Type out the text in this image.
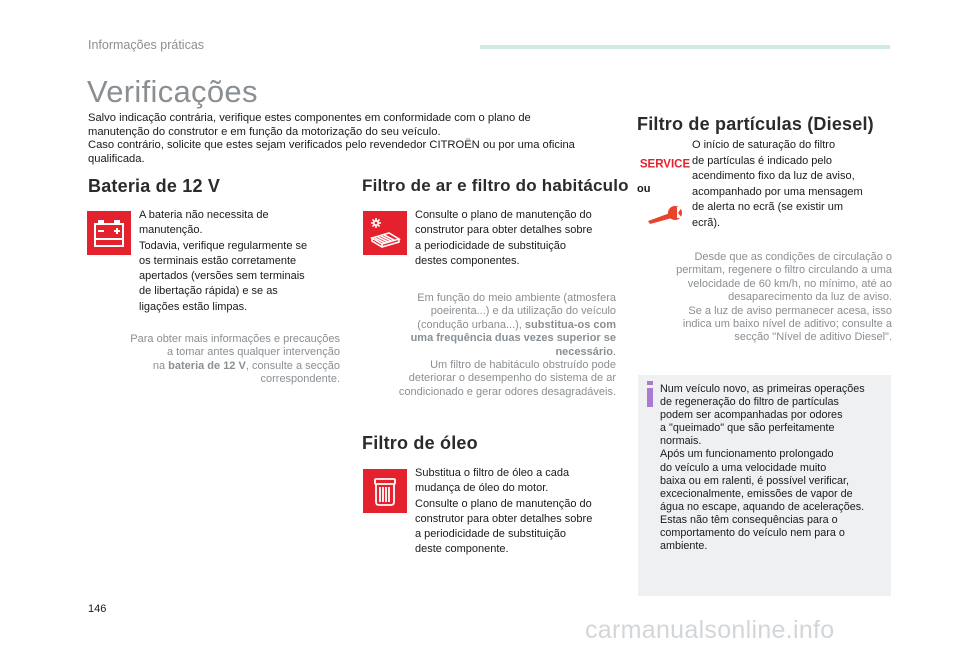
Informações práticas
Verificações
Salvo indicação contrária, verifique estes componentes em conformidade com o plano de
manutenção do construtor e em função da motorização do seu veículo.
Caso contrário, solicite que estes sejam verificados pelo revendedor CITROËN ou por uma oficina
qualificada.
Bateria de 12 V
A bateria não necessita de
manutenção.
Todavia, verifique regularmente se
os terminais estão corretamente
apertados (versões sem terminais
de libertação rápida) e se as
ligações estão limpas.
Para obter mais informações e precauções
a tomar antes qualquer intervenção
na bateria de 12 V, consulte a secção
correspondente.
Filtro de ar e filtro do habitáculo
Consulte o plano de manutenção do
construtor para obter detalhes sobre
a periodicidade de substituição
destes componentes.
Em função do meio ambiente (atmosfera
poeirenta...) e da utilização do veículo
(condução urbana...), substitua-os com
uma frequência duas vezes superior se
necessário.
Um filtro de habitáculo obstruído pode
deteriorar o desempenho do sistema de ar
condicionado e gerar odores desagradáveis.
Filtro de óleo
Substitua o filtro de óleo a cada
mudança de óleo do motor.
Consulte o plano de manutenção do
construtor para obter detalhes sobre
a periodicidade de substituição
deste componente.
Filtro de partículas (Diesel)
SERVICE
ou
O início de saturação do filtro
de partículas é indicado pelo
acendimento fixo da luz de aviso,
acompanhado por uma mensagem
de alerta no ecrã (se existir um
ecrã).
Desde que as condições de circulação o
permitam, regenere o filtro circulando a uma
velocidade de 60 km/h, no mínimo, até ao
desaparecimento da luz de aviso.
Se a luz de aviso permanecer acesa, isso
indica um baixo nível de aditivo; consulte a
secção "Nível de aditivo Diesel".
Num veículo novo, as primeiras operações
de regeneração do filtro de partículas
podem ser acompanhadas por odores
a "queimado" que são perfeitamente
normais.
Após um funcionamento prolongado
do veículo a uma velocidade muito
baixa ou em ralenti, é possível verificar,
excecionalmente, emissões de vapor de
água no escape, aquando de acelerações.
Estas não têm consequências para o
comportamento do veículo nem para o
ambiente.
146
carmanualsonline.info
